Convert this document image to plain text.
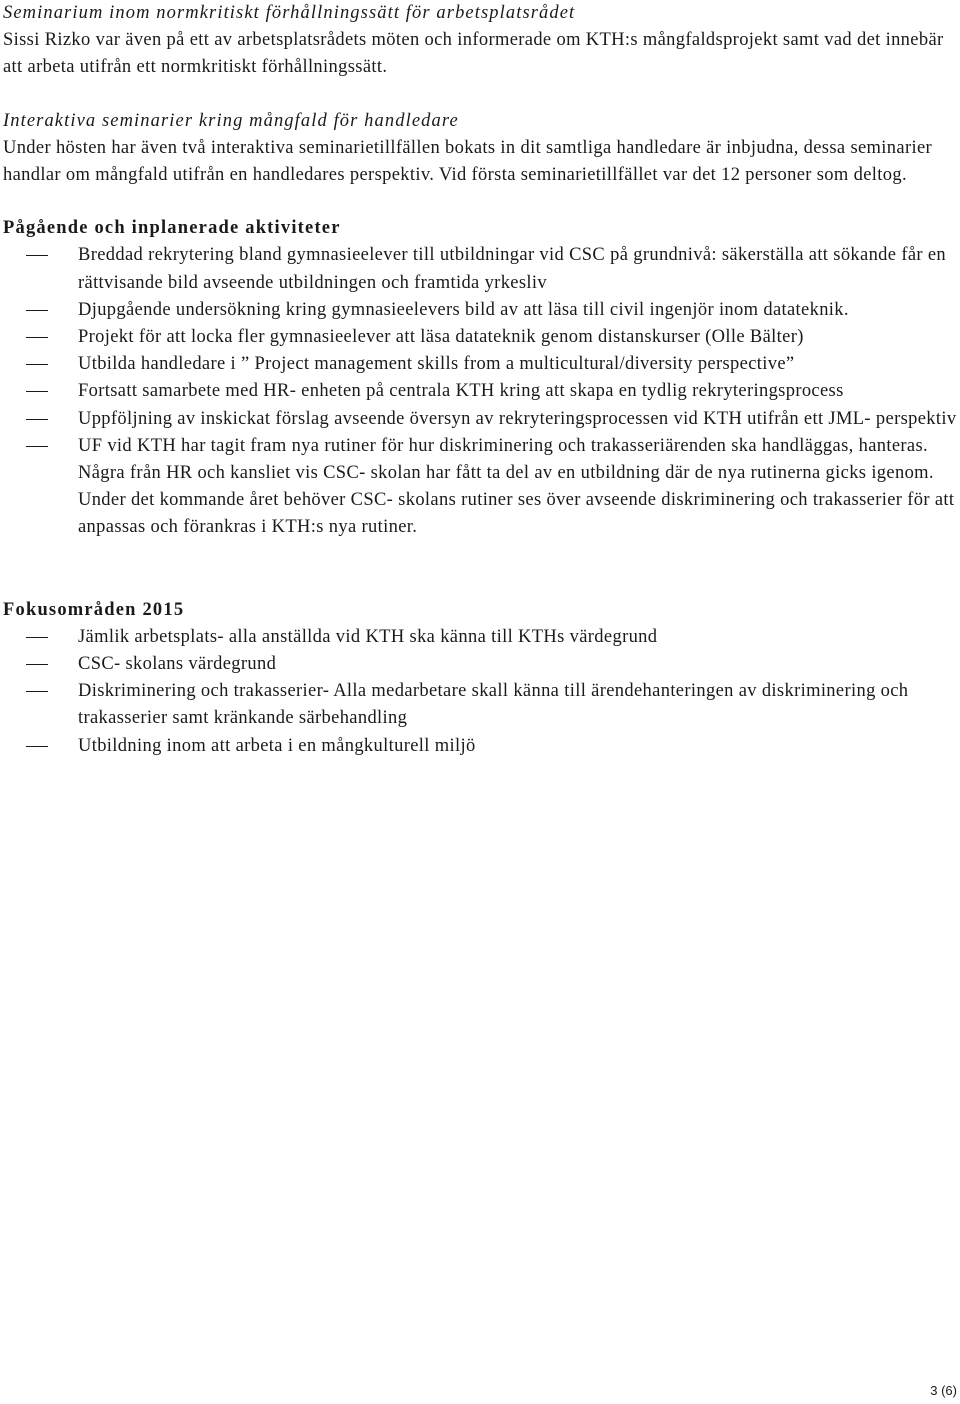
Seminarium inom normkritiskt förhållningssätt för arbetsplatsrådet

Sissi Rizko var även på ett av arbetsplatsrådets möten och informerade om KTH:s mångfaldsprojekt samt vad det innebär att arbeta utifrån ett normkritiskt förhållningssätt.

Interaktiva seminarier kring mångfald för handledare

Under hösten har även två interaktiva seminarietillfällen bokats in dit samtliga handledare är inbjudna, dessa seminarier handlar om mångfald utifrån en handledares perspektiv. Vid första seminarietillfället var det 12 personer som deltog.

Pågående och inplanerade aktiviteter

Breddad rekrytering bland gymnasieelever till utbildningar vid CSC på grundnivå: säkerställa att sökande får en rättvisande bild avseende utbildningen och framtida yrkesliv
Djupgående undersökning kring gymnasieelevers bild av att läsa till civil ingenjör inom datateknik.
Projekt för att locka fler gymnasieelever att läsa datateknik genom distanskurser (Olle Bälter)
Utbilda handledare i ” Project management skills from a multicultural/diversity perspective”
Fortsatt samarbete med HR- enheten på centrala KTH kring att skapa en tydlig rekryteringsprocess
Uppföljning av inskickat förslag avseende översyn av rekryteringsprocessen vid KTH utifrån ett JML- perspektiv
UF vid KTH har tagit fram nya rutiner för hur diskriminering och trakasseriärenden ska handläggas, hanteras. Några från HR och kansliet vis CSC- skolan har fått ta del av en utbildning där de nya rutinerna gicks igenom. Under det kommande året behöver CSC- skolans rutiner ses över avseende diskriminering och trakasserier för att anpassas och förankras i KTH:s nya rutiner.

Fokusområden 2015

Jämlik arbetsplats- alla anställda vid KTH ska känna till KTHs värdegrund
CSC- skolans värdegrund
Diskriminering och trakasserier- Alla medarbetare skall känna till ärendehanteringen av diskriminering och trakasserier samt kränkande särbehandling
Utbildning inom att arbeta i en mångkulturell miljö
3 (6)
